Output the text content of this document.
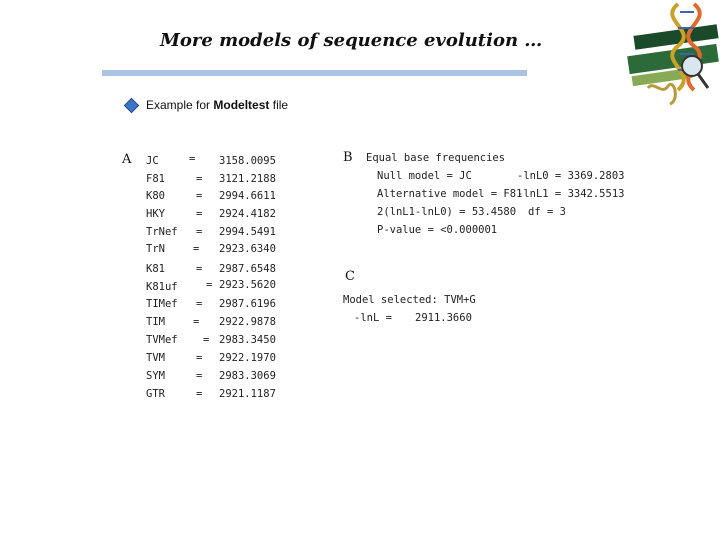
More models of sequence evolution …
Example for Modeltest file
A JC	= 3158.0095
F81	= 3121.2188
K80	= 2994.6611
HKY	= 2924.4182
TrNef = 2994.5491
TrN	= 2923.6340
K81	= 2987.6548
K81uf	= 2923.5620
TIMef = 2987.6196
TIM	= 2922.9878
TVMef = 2983.3450
TVM	= 2922.1970
SYM	= 2983.3069
GTR	= 2921.1187
B Equal base frequencies
Null model = JC	-lnL0 = 3369.2803
Alternative model = F81
-lnL1 = 3342.5513
2(lnL1-lnL0) = 53.4580 df = 3
P-value = <0.000001
C
Model selected: TVM+G
-lnL = 2911.3660
